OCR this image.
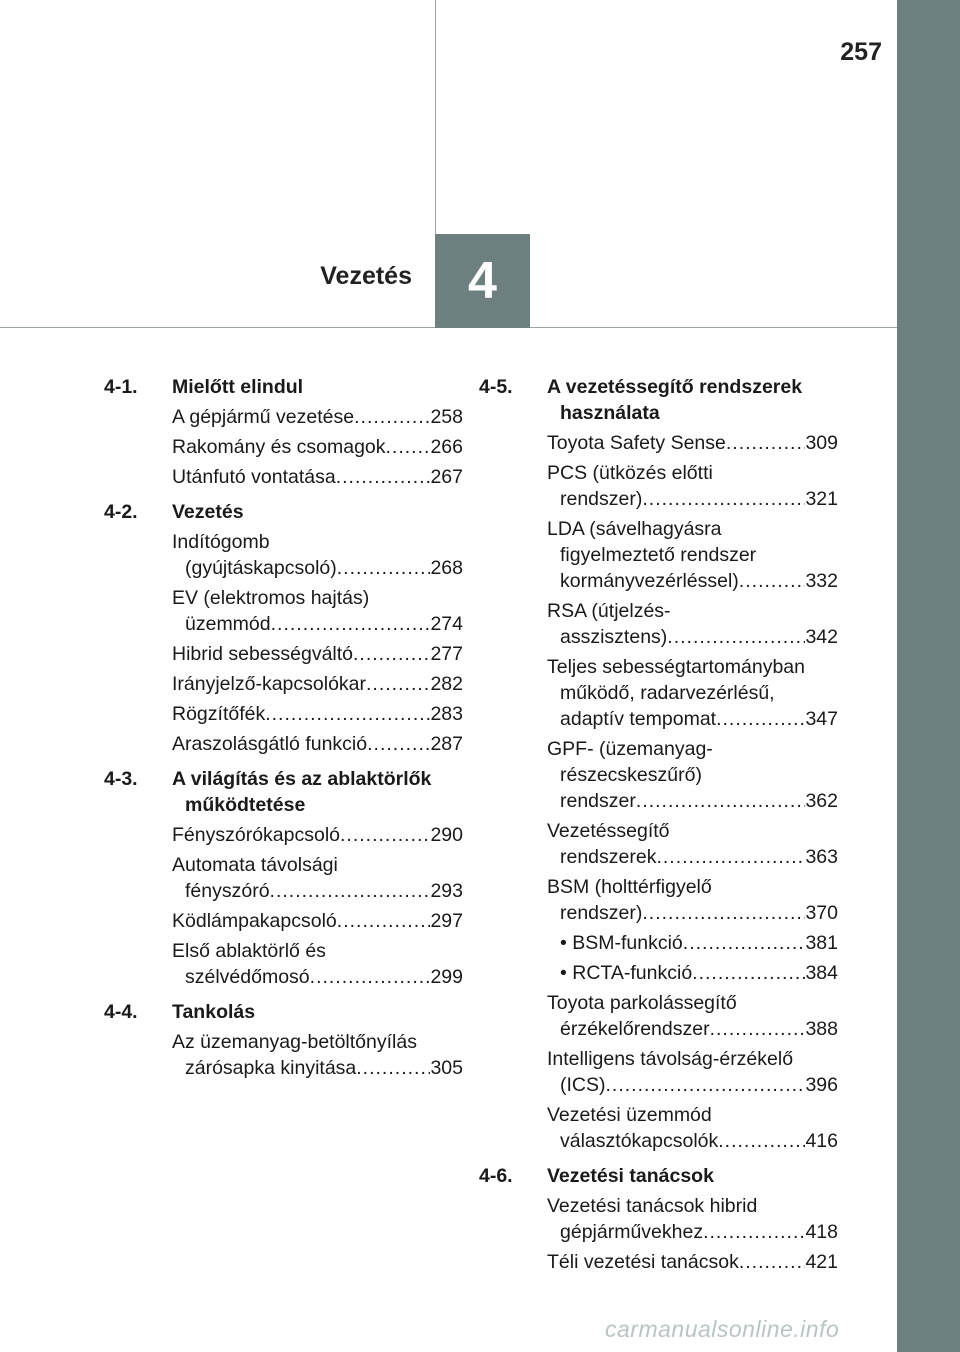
Vezetés	4
257
4-1. Mielőtt elindul
A gépjármű vezetése .....	258
Rakomány és csomagok ..... 266
Utánfutó vontatása .....	267
4-2. Vezetés
Indítógomb
(gyújtáskapcsoló) .....	268
EV (elektromos hajtás)
üzemmód .....	274
Hibrid sebességváltó .....	277
Irányjelző-kapcsolókar .....	282
Rögzítőfék .....	283
Araszolásgátló funkció .....	287
4-3. A világítás és az ablaktörlők
működtetése
Fényszórókapcsoló .....	290
Automata távolsági
fényszóró .....	293
Ködlámpakapcsoló .....	297
Első ablaktörlő és
szélvédőmosó .....	299
4-4. Tankolás
Az üzemanyag-betöltőnyílás
zárósapka kinyitása .....	305
4-5. A vezetéssegítő rendszerek
használata
Toyota Safety Sense .....	309
PCS (ütközés előtti
rendszer) .....	321
LDA (sávelhagyásra
figyelmeztető rendszer
kormányvezérléssel) .....	332
RSA (útjelzés-
asszisztens) .....	342
Teljes sebességtartományban
működő, radarvezérlésű,
adaptív tempomat .....	347
GPF- (üzemanyag-
részecskeszűrő)
rendszer .....	362
Vezetéssegítő
rendszerek .....	363
BSM (holttérfigyelő
rendszer) .....	370
• BSM-funkció .....	381
• RCTA-funkció .....	384
Toyota parkolássegítő
érzékelőrendszer .....	388
Intelligens távolság-érzékelő
(ICS) .....	396
Vezetési üzemmód
választókapcsolók .....	416
4-6. Vezetési tanácsok
Vezetési tanácsok hibrid
gépjárművekhez .....	418
Téli vezetési tanácsok .....	421
carmanualsonline.info
